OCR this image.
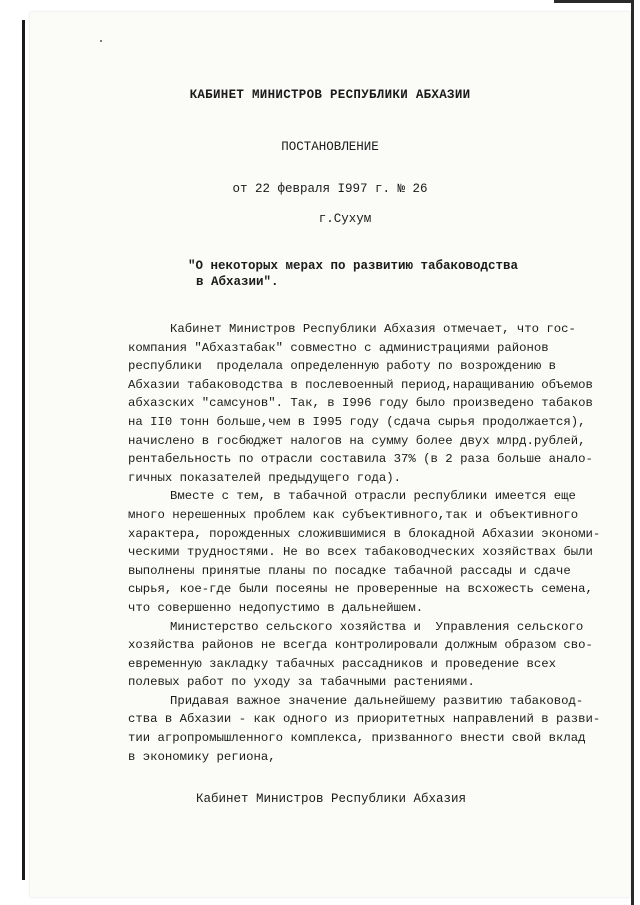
КАБИНЕТ МИНИСТРОВ РЕСПУБЛИКИ АБХАЗИИ
ПОСТАНОВЛЕНИЕ
от 22 февраля I997 г. № 26
г.Сухум
"О некоторых мерах по развитию табаководства
в Абхазии".
Кабинет Министров Республики Абхазия отмечает, что гос-
компания "Абхазтабак" совместно с администрациями районов
республики  проделала определенную работу по возрождению в
Абхазии табаководства в послевоенный период,наращиванию объемов
абхазских "самсунов". Так, в I996 году было произведено табаков
на II0 тонн больше,чем в I995 году (сдача сырья продолжается),
начислено в госбюджет налогов на сумму более двух млрд.рублей,
рентабельность по отрасли составила 37% (в 2 раза больше анало-
гичных показателей предыдущего года).
Вместе с тем, в табачной отрасли республики имеется еще
много нерешенных проблем как субъективного,так и объективного
характера, порожденных сложившимися в блокадной Абхазии экономи-
ческими трудностями. Не во всех табаководческих хозяйствах были
выполнены принятые планы по посадке табачной рассады и сдаче
сырья, кое-где были посеяны не проверенные на всхожесть семена,
что совершенно недопустимо в дальнейшем.
Министерство сельского хозяйства и  Управления сельского
хозяйства районов не всегда контролировали должным образом сво-
евременную закладку табачных рассадников и проведение всех
полевых работ по уходу за табачными растениями.
Придавая важное значение дальнейшему развитию табаковод-
ства в Абхазии - как одного из приоритетных направлений в разви-
тии агропромышленного комплекса, призванного внести свой вклад
в экономику региона,
Кабинет Министров Республики Абхазия
